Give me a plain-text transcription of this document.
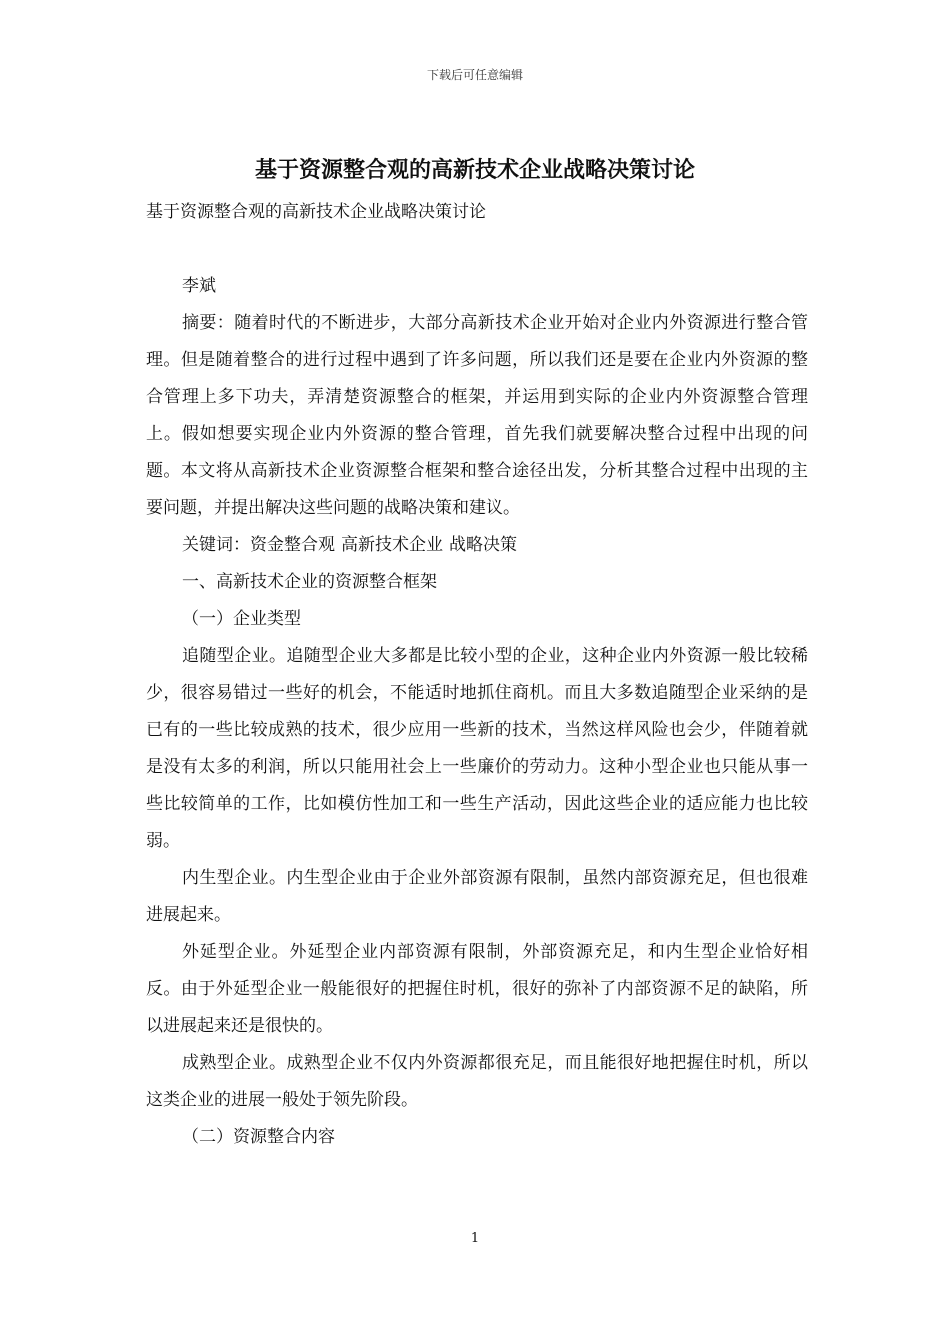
下载后可任意编辑
基于资源整合观的高新技术企业战略决策讨论

基于资源整合观的高新技术企业战略决策讨论

李斌

摘要：随着时代的不断进步，大部分高新技术企业开始对企业内外资源进行整合管理。但是随着整合的进行过程中遇到了许多问题，所以我们还是要在企业内外资源的整合管理上多下功夫，弄清楚资源整合的框架，并运用到实际的企业内外资源整合管理上。假如想要实现企业内外资源的整合管理，首先我们就要解决整合过程中出现的问题。本文将从高新技术企业资源整合框架和整合途径出发，分析其整合过程中出现的主要问题，并提出解决这些问题的战略决策和建议。

关键词：资金整合观 高新技术企业 战略决策

一、高新技术企业的资源整合框架

（一）企业类型

追随型企业。追随型企业大多都是比较小型的企业，这种企业内外资源一般比较稀少，很容易错过一些好的机会，不能适时地抓住商机。而且大多数追随型企业采纳的是已有的一些比较成熟的技术，很少应用一些新的技术，当然这样风险也会少，伴随着就是没有太多的利润，所以只能用社会上一些廉价的劳动力。这种小型企业也只能从事一些比较简单的工作，比如模仿性加工和一些生产活动，因此这些企业的适应能力也比较弱。

内生型企业。内生型企业由于企业外部资源有限制，虽然内部资源充足，但也很难进展起来。

外延型企业。外延型企业内部资源有限制，外部资源充足，和内生型企业恰好相反。由于外延型企业一般能很好的把握住时机，很好的弥补了内部资源不足的缺陷，所以进展起来还是很快的。

成熟型企业。成熟型企业不仅内外资源都很充足，而且能很好地把握住时机，所以这类企业的进展一般处于领先阶段。

（二）资源整合内容

1
